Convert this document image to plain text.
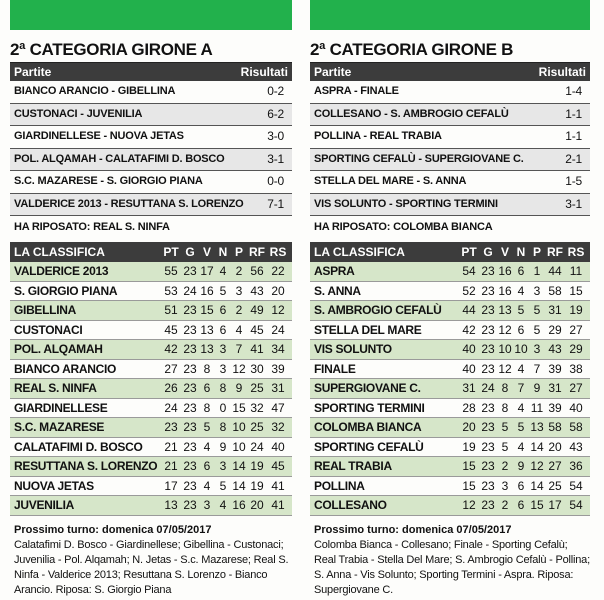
2ª CATEGORIA GIRONE A
Partite	Risultati
BIANCO ARANCIO - GIBELLINA	0-2
CUSTONACI - JUVENILIA	6-2
GIARDINELLESE - NUOVA JETAS	3-0
POL. ALQAMAH - CALATAFIMI D. BOSCO	3-1
S.C. MAZARESE - S. GIORGIO PIANA	0-0
VALDERICE 2013 - RESUTTANA S. LORENZO 7-1
HA RIPOSATO: REAL S. NINFA
LA CLASSIFICA	PT G V N P RF RS
VALDERICE 2013	55 23 17 4 2 56 22
S. GIORGIO PIANA	53 24 16 5 3 43 20
GIBELLINA	51 23 15 6 2 49 12
CUSTONACI	45 23 13 6 4 45 24
POL. ALQAMAH	42 23 13 3 7 41 34
BIANCO ARANCIO	27 23 8 3 12 30 39
REAL S. NINFA	26 23 6 8 9 25 31
GIARDINELLESE	24 23 8 0 15 32 47
S.C. MAZARESE	23 23 5 8 10 25 32
CALATAFIMI D. BOSCO	21 23 4 9 10 24 40
RESUTTANA S. LORENZO 21 23 6 3 14 19 45
NUOVA JETAS	17 23 4 5 14 19 41
JUVENILIA	13 23 3 4 16 20 41
Prossimo turno: domenica 07/05/2017
Calatafimi D. Bosco - Giardinellese; Gibellina - Custonaci; Juvenilia - Pol. Alqamah; N. Jetas - S.c. Mazarese; Real S. Ninfa - Valderice 2013; Resuttana S. Lorenzo - Bianco Arancio. Riposa: S. Giorgio Piana
2ª CATEGORIA GIRONE B
Partite	Risultati
ASPRA - FINALE	1-4
COLLESANO - S. AMBROGIO CEFALÙ	1-1
POLLINA - REAL TRABIA	1-1
SPORTING CEFALÙ - SUPERGIOVANE C.	2-1
STELLA DEL MARE - S. ANNA	1-5
VIS SOLUNTO - SPORTING TERMINI	3-1
HA RIPOSATO: COLOMBA BIANCA
LA CLASSIFICA	PT G V N P RF RS
ASPRA	54 23 16 6 1 44 11
S. ANNA	52 23 16 4 3 58 15
S. AMBROGIO CEFALÙ	44 23 13 5 5 31 19
STELLA DEL MARE	42 23 12 6 5 29 27
VIS SOLUNTO	40 23 10 10 3 43 29
FINALE	40 23 12 4 7 39 38
SUPERGIOVANE C.	31 24 8 7 9 31 27
SPORTING TERMINI	28 23 8 4 11 39 40
COLOMBA BIANCA	20 23 5 5 13 58 58
SPORTING CEFALÙ	19 23 5 4 14 20 43
REAL TRABIA	15 23 2 9 12 27 36
POLLINA	15 23 3 6 14 25 54
COLLESANO	12 23 2 6 15 17 54
Prossimo turno: domenica 07/05/2017
Colomba Bianca - Collesano; Finale - Sporting Cefalù; Real Trabia - Stella Del Mare; S. Ambrogio Cefalù - Pollina; S. Anna - Vis Solunto; Sporting Termini - Aspra. Riposa: Supergiovane C.
